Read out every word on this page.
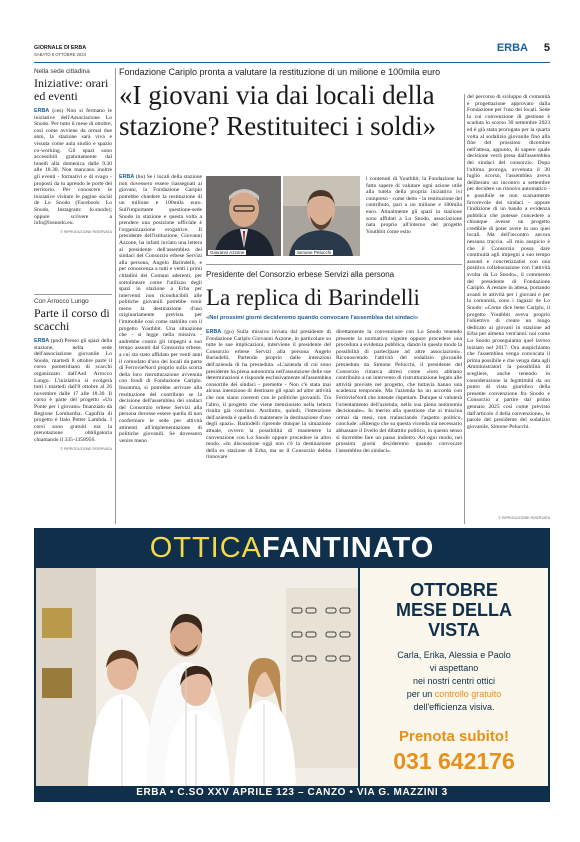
GIORNALE DI ERBA
SABATO 6 OTTOBRE 2024
ERBA 5
Nella sede cittadina
Iniziative: orari ed eventi
ERBA (ces) Non si fermano le iniziative dell'Associazione Lo Snodo. Per tutto il mese di ottobre, così come avviene da ormai due anni, la stazione sarà viva e vissuta come aula studio e spazio co-working. Gli spazi sono accessibili gratuitamente dal lunedì alla domenica dalle 9.30 alle 18.30. Non mancano inoltre gli eventi - formativi e di svago - proposti da tu aprendo le porte del territorio. Per conoscere le iniziative visitare le pagine social de Lo Snodo (Facebook: Lo Snodo, Instagram: lo.snodo); oppure scrivere a info@losnodo.eu.
© RIPRODUZIONE RISERVATA
Con Arrocco Lungo
Parte il corso di scacchi
ERBA (pnd) Presso gli spazi della stazione, nella sede dell'associazione giovanile Lo Snodo, martedì 8 ottobre parte il corso pomeridiano di scacchi organizzato dall'Asd Arrocco Lungo. L'iniziativa si svolgerà tutti i martedì dall'8 ottobre al 26 novembre dalle 17 alle 18.30. Il corso è parte del progetto «Un Ponte per i giovani» finanziato da Regione Lombardia. Capofila di progetto è Italo Potter Lambda. I corsi sono gratuiti ma la prenotazione obbligatoria chiamando il 335-1358956.
© RIPRODUZIONE RISERVATA
Fondazione Cariplo pronta a valutare la restituzione di un milione e 100mila euro
«I giovani via dai locali della stazione? Restituiteci i soldi»
ERBA (bu) Se i locali della stazione non dovessero essere riassegnati ai giovani, la Fondazione Cariplo potrebbe chiedere la restituzione di un milione e 100mila euro. Sull'importante questione-sede Snodo in stazione e questa volta a prendere una posizione ufficiale è l'organizzazione erogatrice. Il presidente dell'istituzione, Giovanni Azzone, ha infatti inviato una lettera al presidente dell'assemblea dei sindaci del Consorzio erbese Servizi alla persona, Angelo Barindelli, e per conoscenza a tutti e venti i primi cittadini dei Comuni aderenti, per sottolineare come l'utilizzo degli spazi in stazione a Erba per interventi non riconducibili alle politiche giovanili potrebbe venir meno la destinazione d'uso originariamente prevista per l'immobile così come stabilito con il progetto Youthbit. Una situazione che - si legge nella missiva - andrebbe contro gli impegni a suo tempo assunti dal Consorzio erbese, a cui sta stato affidato per venti anni il comodato d'uso dei locali da parte di FerrovieNord proprio sulla scorta della loro ristrutturazione avvenuta con fondi di Fondazione Cariplo. Insomma, si potrebbe arrivare alla restituzione del contributo se la decisione dell'assemblea dei sindaci del Consorzio erbese Servizi alla persona dovesse essere quella di non confermare le sede per attività attinenti all'implementazione di politiche giovanili. Se dovessero venire meno
Giovanni Azzone	Simone Pelucchi
i contenuti di Youthbit, la Fondazione ha fatto sapere di valutare ogni azione utile alla tutela della propria iniziativa ivi compreso - come detto - la restituzione del contributo, pari a un milione e 100mila euro. Attualmente gli spazi in stazione sono affidati a Lo Snodo, associazione nata proprio all'interno del progetto Youthbit come esito
del percorso di sviluppo di comunità e progettazione approvato dalla Fondazione per l'uso dei locali. Sede la cui convenzione di gestione è scaduta lo scorso 30 settembre 2023 ed è già stata prorogata per la quarta volta al sodalizio giovanile fino alla fine del prossimo dicembre nell'attesa, appunto, di sapere quale decisione verrà presa dall'assemblea dei sindaci del consorzio. Dopo l'ultima proroga, avvenuta il 30 luglio scorso, l'assemblea aveva deliberato un incontro a settembre per decidere un rinnovo automatico - e possibile se non scarsamente favorevole dei sindaci - oppure l'indizione di un bando a evidenza pubblica che potesse concedere a chiunque avesse un progetto credibile di poter avere in uso quei locali. Ma dell'incontro ancora nessuna traccia. «Il mio auspicio è che il Consorzio possa dare continuità agli impegni a suo tempo assunti e concretizzatisi con una positiva collaborazione con l'attività svolta da Lo Snodo», il commento del presidente di Fondazione Cariplo. A restare in attesa, portando avanti le attività per i giovani e per la comunità, sono i ragazzi de Lo Snodo: «Come dice bene Cariplo, il progetto Youthbit aveva proprio l'obiettivo di creare un luogo dedicato ai giovani in stazione ad Erba per almeno vent'anni: noi come Lo Snodo proseguiamo quel lavoro iniziato nel 2017. Ora auspichiamo che l'assemblea venga convocata il prima possibile e che venga data agli Amministratori la possibilità di scegliere, anche tenendo in considerazione la legittimità da un punto di vista giuridico della presente convenzione fra Snodo e Consorzio a partire dal primo gennaio 2025 così come previsto dall'articolo 4 della convenzione», le parole del presidente del sodalizio giovanile, Simone Pelucchi.
© RIPRODUZIONE RISERVATA
Presidente del Consorzio erbese Servizi alla persona
La replica di Barindelli
«Nei prossimi giorni decideremo quando convocare l'assemblea dei sindaci»
ERBA (gu) Sulla missiva inviata dal presidente di Fondazione Cariplo Giovanni Azzone, in particolare su tutte le sue implicazioni, interviene il presidente del Consorzio erbese Servizi alla persona Angelo Barindelli. Partendo proprio dalle intenzioni dell'azienda di ha presieduta. «L'azienda di cui sono presidente ha piena autonomia nell'assunzione delle sue determinazioni e risponde esclusivamente all'assemblea consortile dei sindaci - premette - Non c'è stata mai alcuna intenzione di destinare gli spazi ad altre attività che non siano coerenti con le politiche giovanili. Tra l'altro, il progetto che viene menzionato nella lettera risulta già concluso. Anzitutto, quindi, l'intenzione dell'azienda è quella di mantenere la destinazione d'uso degli spazi». Barindelli riprende dunque la situazione attuale, ovvero la possibilità di mantenere la convenzione con Lo Snodo oppure procedere in altro modo. «In discussione oggi non c'è la destinazione della ex stazione di Erba, ma se il Consorzio debba rinnovare
direttamente la convenzione con Lo Snodo tenendo presente la normativa vigente oppure procedere una procedura a evidenza pubblica, dando in questo modo la possibilità di partecipare ad altre associazioni». Riconoscendo l'attività del sodalizio giovanile presieduto da Simone Pelucchi, il presidente del Consorzio rimarca altresì come «loro abbiano contribuito a un intervento di ristrutturazione legato alle attività previste nel progetto, che tuttavia hanno una scadenza temporale. Ma l'azienda ha un accordo con FerrovieNord che intende rispettare. Dunque si valuterà l'orientamento dell'azienda, nella sua piena autonomia decisionale». In merito alla questione che si trascina ormai da mesi, non tralasciando l'aspetto politico, conclude: «Ritengo che su questa vicenda sia necessario abbassare il livello del dibattito politico, in questo senso si dovrebbe fare un passo indietro. Ad ogni modo, nei prossimi giorni decideremo quando convocare l'assemblea dei sindaci».
OTTICAFANTINATO
OTTOBRE
MESE DELLA
VISTA
Carla, Erika, Alessia e Paolo
vi aspettano
nei nostri centri ottici
per un controllo gratuito
dell'efficienza visiva.
Prenota subito!
031 642176
ERBA • C.SO XXV APRILE 123 – CANZO • VIA G. MAZZINI 3
